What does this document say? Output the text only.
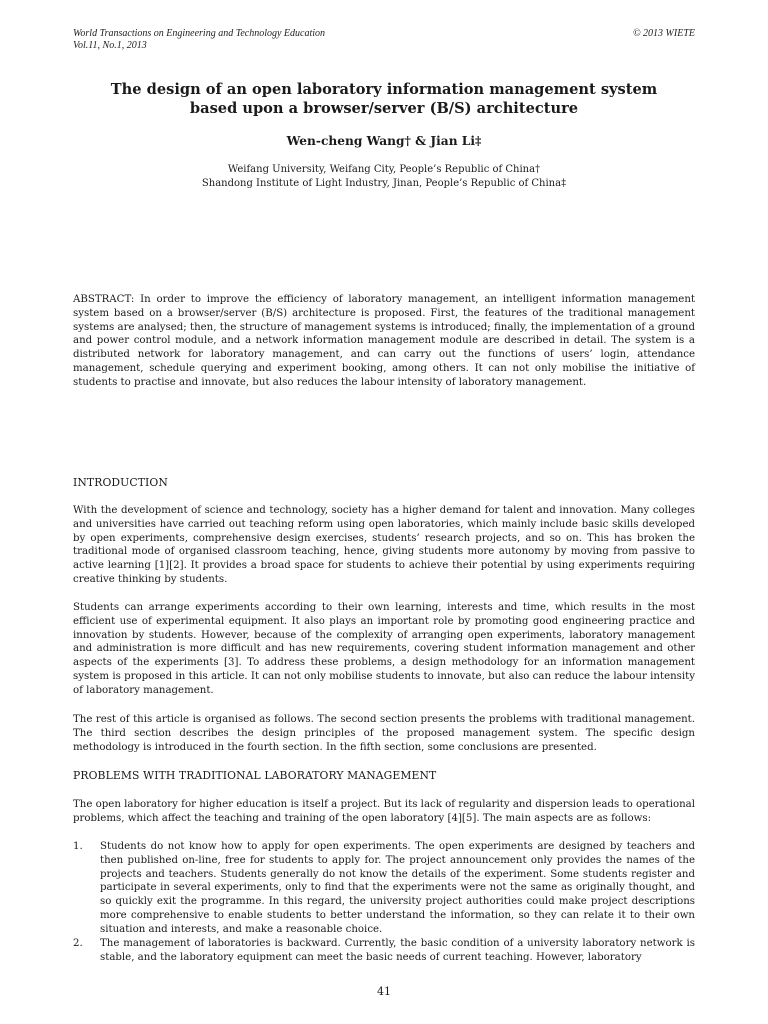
World Transactions on Engineering and Technology Education
Vol.11, No.1, 2013
© 2013 WIETE
The design of an open laboratory information management system
based upon a browser/server (B/S) architecture
Wen-cheng Wang† & Jian Li‡
Weifang University, Weifang City, People’s Republic of China†
Shandong Institute of Light Industry, Jinan, People’s Republic of China‡

ABSTRACT: In order to improve the efficiency of laboratory management, an intelligent information management system based on a browser/server (B/S) architecture is proposed. First, the features of the traditional management systems are analysed; then, the structure of management systems is introduced; finally, the implementation of a ground and power control module, and a network information management module are described in detail. The system is a distributed network for laboratory management, and can carry out the functions of users’ login, attendance management, schedule querying and experiment booking, among others. It can not only mobilise the initiative of students to practise and innovate, but also reduces the labour intensity of laboratory management.

INTRODUCTION

With the development of science and technology, society has a higher demand for talent and innovation. Many colleges and universities have carried out teaching reform using open laboratories, which mainly include basic skills developed by open experiments, comprehensive design exercises, students’ research projects, and so on. This has broken the traditional mode of organised classroom teaching, hence, giving students more autonomy by moving from passive to active learning [1][2]. It provides a broad space for students to achieve their potential by using experiments requiring creative thinking by students.

Students can arrange experiments according to their own learning, interests and time, which results in the most efficient use of experimental equipment. It also plays an important role by promoting good engineering practice and innovation by students. However, because of the complexity of arranging open experiments, laboratory management and administration is more difficult and has new requirements, covering student information management and other aspects of the experiments [3]. To address these problems, a design methodology for an information management system is proposed in this article. It can not only mobilise students to innovate, but also can reduce the labour intensity of laboratory management.

The rest of this article is organised as follows. The second section presents the problems with traditional management. The third section describes the design principles of the proposed management system. The specific design methodology is introduced in the fourth section. In the fifth section, some conclusions are presented.

PROBLEMS WITH TRADITIONAL LABORATORY MANAGEMENT

The open laboratory for higher education is itself a project. But its lack of regularity and dispersion leads to operational problems, which affect the teaching and training of the open laboratory [4][5]. The main aspects are as follows:

1. Students do not know how to apply for open experiments. The open experiments are designed by teachers and then published on-line, free for students to apply for. The project announcement only provides the names of the projects and teachers. Students generally do not know the details of the experiment. Some students register and participate in several experiments, only to find that the experiments were not the same as originally thought, and so quickly exit the programme. In this regard, the university project authorities could make project descriptions more comprehensive to enable students to better understand the information, so they can relate it to their own situation and interests, and make a reasonable choice.
2. The management of laboratories is backward. Currently, the basic condition of a university laboratory network is stable, and the laboratory equipment can meet the basic needs of current teaching. However, laboratory
41
